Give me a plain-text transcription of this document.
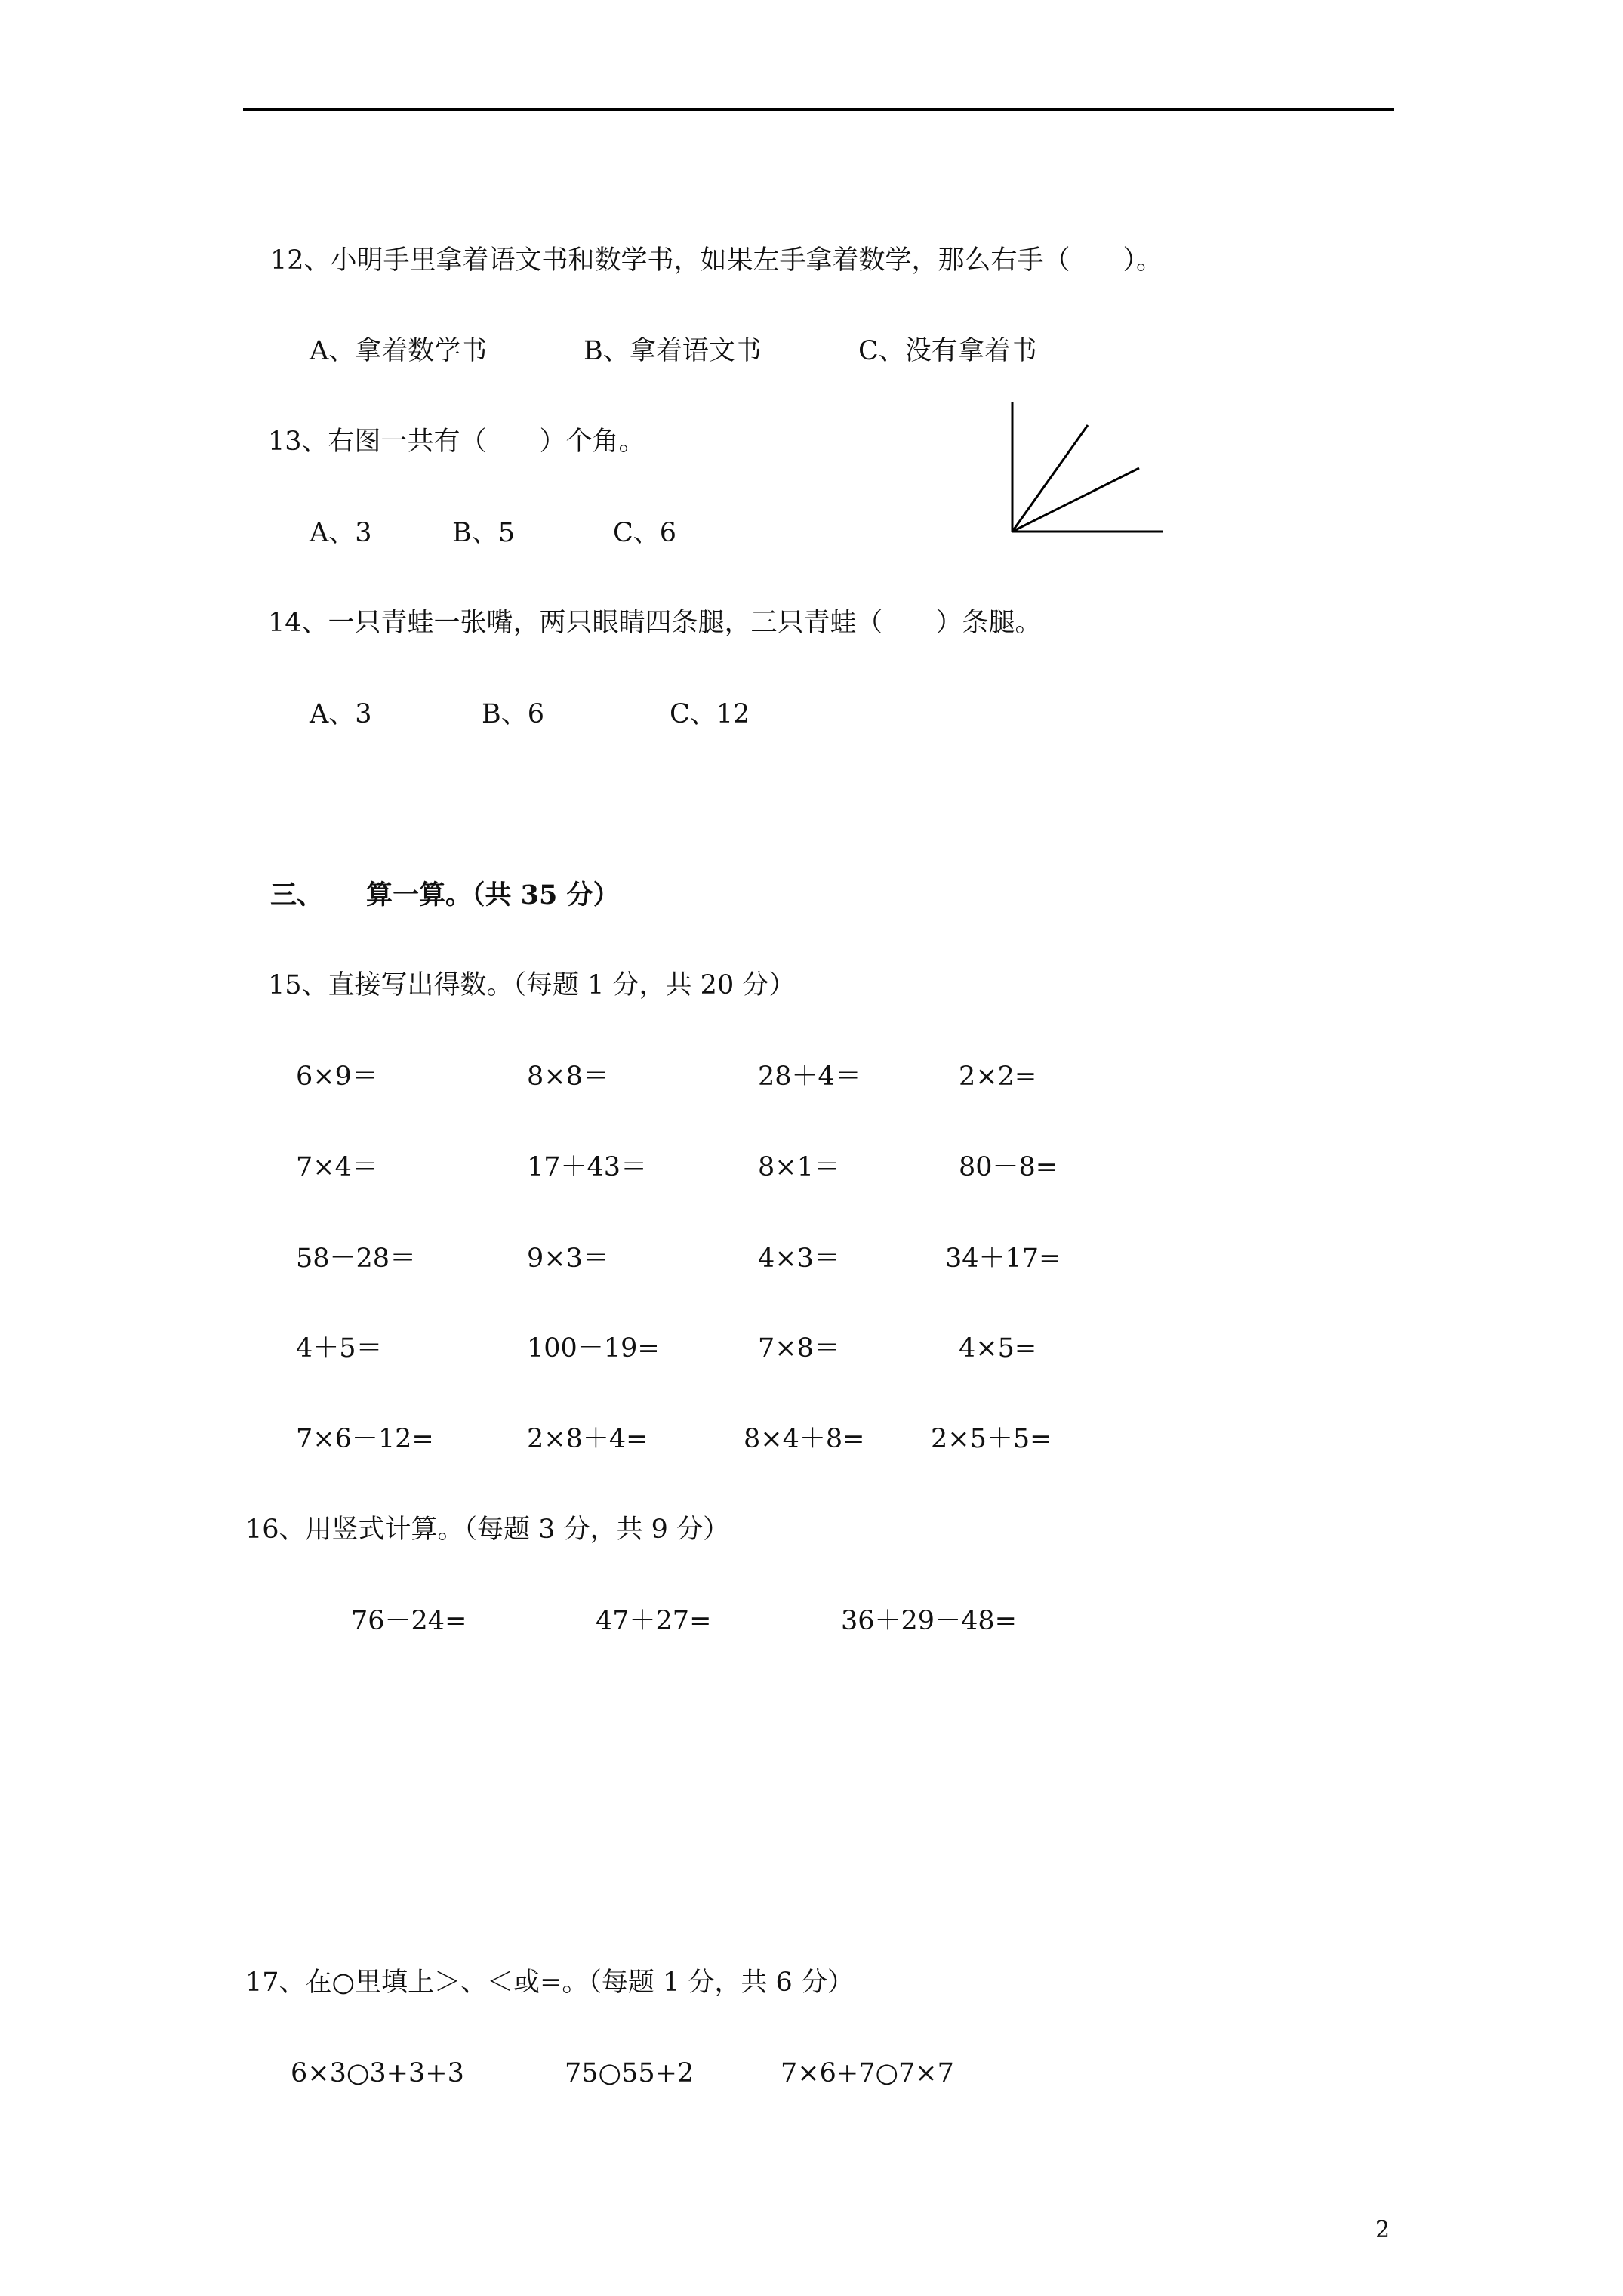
12、小明手里拿着语文书和数学书，如果左手拿着数学，那么右手（　　）。
A、拿着数学书	B、拿着语文书	C、没有拿着书
13、右图一共有（　　）个角。
A、3	B、5	C、6
14、一只青蛙一张嘴，两只眼睛四条腿，三只青蛙（　　）条腿。
A、3	B、6	C、12
三、 算一算。（共 35 分）
15、直接写出得数。（每题 1 分，共 20 分）
6×9＝	8×8＝	28＋4＝	2×2=
7×4＝	17＋43＝	8×1＝	80－8=
58－28＝	9×3＝	4×3＝	34＋17=
4＋5＝	100－19=	7×8＝	4×5=
7×6－12=	2×8＋4=	8×4＋8=	2×5＋5=
16、用竖式计算。（每题 3 分，共 9 分）
76－24=	47＋27=	36＋29－48=
17、在○里填上＞、＜或=。（每题 1 分，共 6 分）
6×3○3+3+3	75○55+2	7×6+7○7×7
2
